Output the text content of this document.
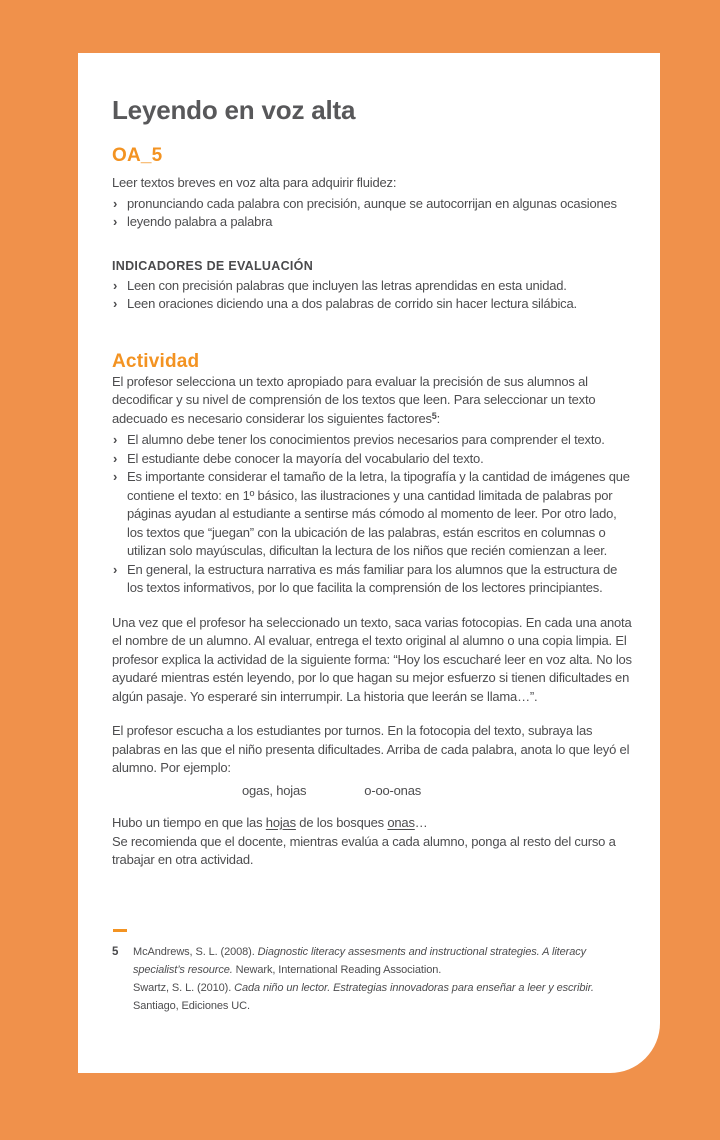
Leyendo en voz alta
OA_5

Leer textos breves en voz alta para adquirir fluidez:

› pronunciando cada palabra con precisión, aunque se autocorrijan en algunas ocasiones
› leyendo palabra a palabra
INDICADORES DE EVALUACIÓN
› Leen con precisión palabras que incluyen las letras aprendidas en esta unidad.
› Leen oraciones diciendo una a dos palabras de corrido sin hacer lectura silábica.
Actividad

El profesor selecciona un texto apropiado para evaluar la precisión de sus alumnos al decodificar y su nivel de comprensión de los textos que leen. Para seleccionar un texto adecuado es necesario considerar los siguientes factores$^5$:

› El alumno debe tener los conocimientos previos necesarios para comprender el texto.
› El estudiante debe conocer la mayoría del vocabulario del texto.
› Es importante considerar el tamaño de la letra, la tipografía y la cantidad de imágenes que contiene el texto: en 1º básico, las ilustraciones y una cantidad limitada de palabras por páginas ayudan al estudiante a sentirse más cómodo al momento de leer. Por otro lado, los textos que “juegan” con la ubicación de las palabras, están escritos en columnas o utilizan solo mayúsculas, dificultan la lectura de los niños que recién comienzan a leer.
› En general, la estructura narrativa es más familiar para los alumnos que la estructura de los textos informativos, por lo que facilita la comprensión de los lectores principiantes.

Una vez que el profesor ha seleccionado un texto, saca varias fotocopias. En cada una anota el nombre de un alumno. Al evaluar, entrega el texto original al alumno o una copia limpia. El profesor explica la actividad de la siguiente forma: “Hoy los escucharé leer en voz alta. No los ayudaré mientras estén leyendo, por lo que hagan su mejor esfuerzo si tienen dificultades en algún pasaje. Yo esperaré sin interrumpir. La historia que leerán se llama…”.

El profesor escucha a los estudiantes por turnos. En la fotocopia del texto, subraya las palabras en las que el niño presenta dificultades. Arriba de cada palabra, anota lo que leyó el alumno. Por ejemplo:

ogas, hojas	o-oo-onas

Hubo un tiempo en que las hojas de los bosques onas…

Se recomienda que el docente, mientras evalúa a cada alumno, ponga al resto del curso a trabajar en otra actividad.

5	McAndrews, S. L. (2008). Diagnostic literacy assesments and instructional strategies. A literacy specialist’s resource. Newark, International Reading Association.
Swartz, S. L. (2010). Cada niño un lector. Estrategias innovadoras para enseñar a leer y escribir. Santiago, Ediciones UC.
